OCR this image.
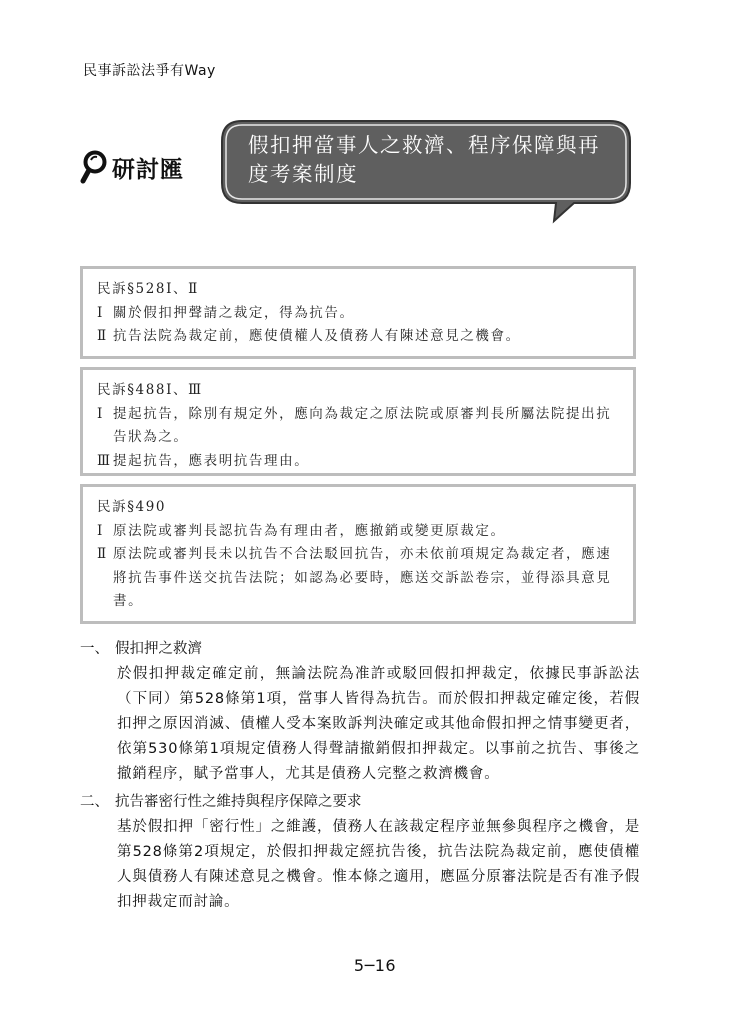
民事訴訟法爭有Way
研討匯
假扣押當事人之救濟、程序保障與再度考案制度
民訴§528Ⅰ、Ⅱ
Ⅰ 關於假扣押聲請之裁定，得為抗告。
Ⅱ 抗告法院為裁定前，應使債權人及債務人有陳述意見之機會。
民訴§488Ⅰ、Ⅲ
Ⅰ 提起抗告，除別有規定外，應向為裁定之原法院或原審判長所屬法院提出抗告狀為之。
Ⅲ 提起抗告，應表明抗告理由。
民訴§490
Ⅰ 原法院或審判長認抗告為有理由者，應撤銷或變更原裁定。
Ⅱ 原法院或審判長未以抗告不合法駁回抗告，亦未依前項規定為裁定者，應速將抗告事件送交抗告法院；如認為必要時，應送交訴訟卷宗，並得添具意見書。
一、 假扣押之救濟
於假扣押裁定確定前，無論法院為准許或駁回假扣押裁定，依據民事訴訟法（下同）第528條第1項，當事人皆得為抗告。而於假扣押裁定確定後，若假扣押之原因消滅、債權人受本案敗訴判決確定或其他命假扣押之情事變更者，依第530條第1項規定債務人得聲請撤銷假扣押裁定。以事前之抗告、事後之撤銷程序，賦予當事人，尤其是債務人完整之救濟機會。
二、 抗告審密行性之維持與程序保障之要求
基於假扣押「密行性」之維護，債務人在該裁定程序並無參與程序之機會，是第528條第2項規定，於假扣押裁定經抗告後，抗告法院為裁定前，應使債權人與債務人有陳述意見之機會。惟本條之適用，應區分原審法院是否有准予假扣押裁定而討論。
5─16
